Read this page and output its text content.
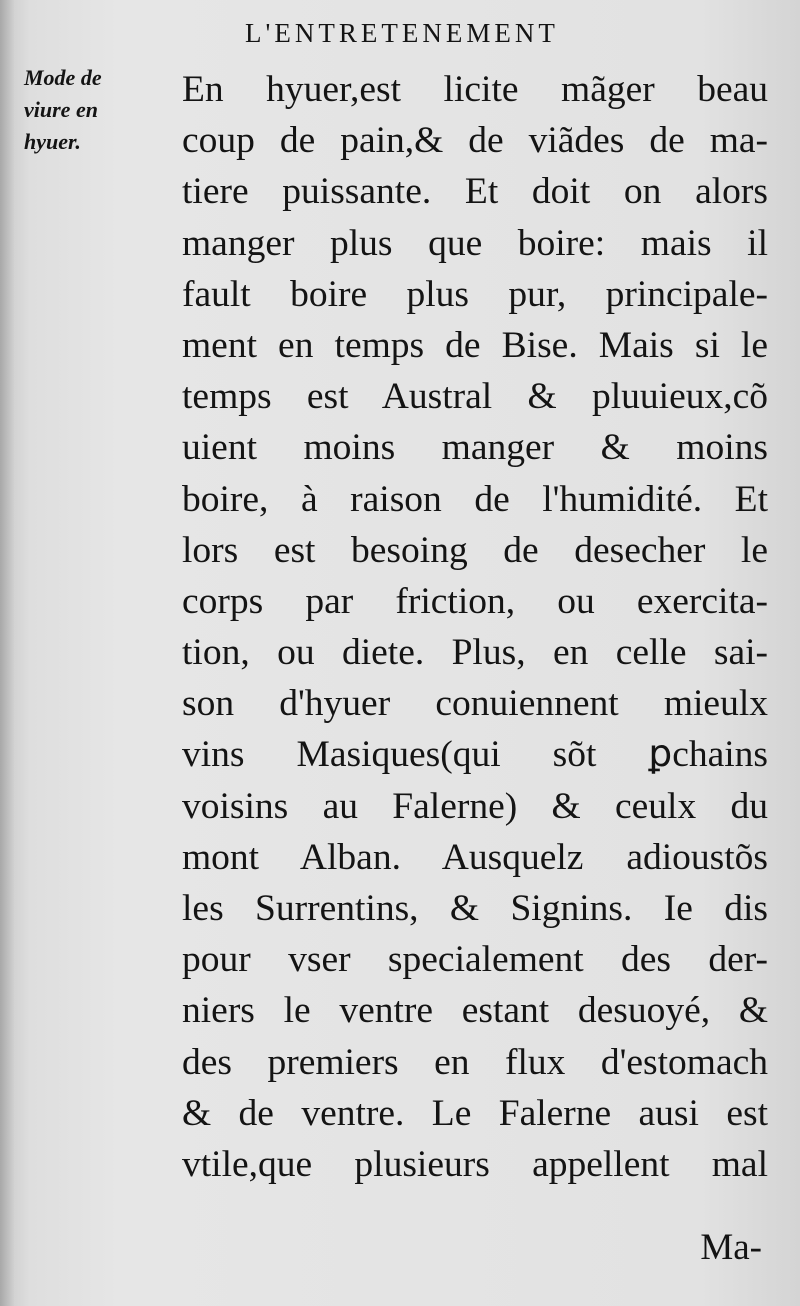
L'ENTRETENEMENT
Mode de
viure en
hyuer.
En hyuer,est licite mãger beau
coup de pain,& de viãdes de ma-
tiere puissante. Et doit on alors
manger plus que boire: mais il
fault boire plus pur, principale-
ment en temps de Bise. Mais si le
temps est Austral & pluuieux,cõ
uient moins manger & moins
boire, à raison de l'humidité. Et
lors est besoing de desecher le
corps par friction, ou exercita-
tion, ou diete. Plus, en celle sai-
son d'hyuer conuiennent mieulx
vins Masiques(qui sõt ꝑchains
voisins au Falerne) & ceulx du
mont Alban. Ausquelz adioustõs
les Surrentins, & Signins. Ie dis
pour vser specialement des der-
niers le ventre estant desuoyé, &
des premiers en flux d'estomach
& de ventre. Le Falerne ausi est
vtile,que plusieurs appellent mal
Ma-
